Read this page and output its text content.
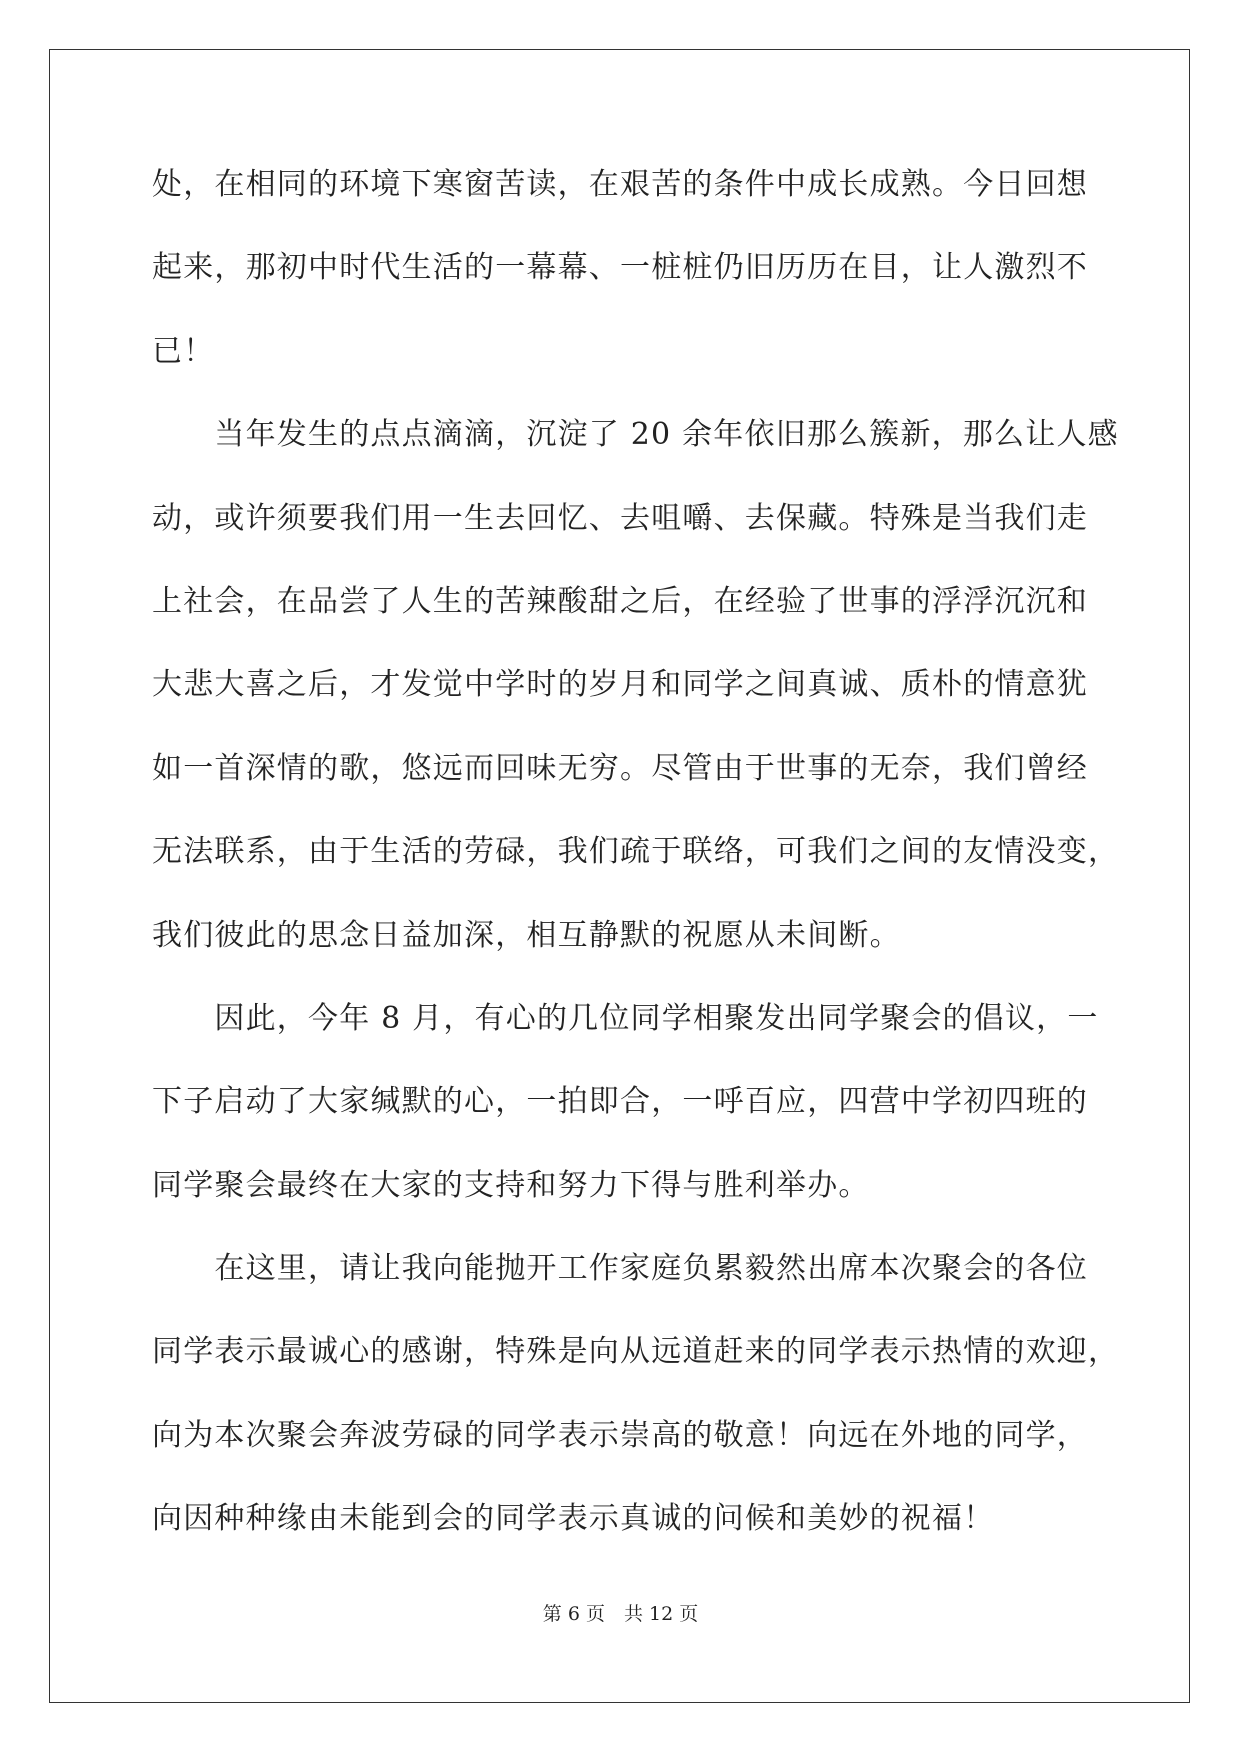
处，在相同的环境下寒窗苦读，在艰苦的条件中成长成熟。今日回想
起来，那初中时代生活的一幕幕、一桩桩仍旧历历在目，让人激烈不
已！
　　当年发生的点点滴滴，沉淀了 20 余年依旧那么簇新，那么让人感
动，或许须要我们用一生去回忆、去咀嚼、去保藏。特殊是当我们走
上社会，在品尝了人生的苦辣酸甜之后，在经验了世事的浮浮沉沉和
大悲大喜之后，才发觉中学时的岁月和同学之间真诚、质朴的情意犹
如一首深情的歌，悠远而回味无穷。尽管由于世事的无奈，我们曾经
无法联系，由于生活的劳碌，我们疏于联络，可我们之间的友情没变，
我们彼此的思念日益加深，相互静默的祝愿从未间断。
　　因此，今年 8 月，有心的几位同学相聚发出同学聚会的倡议，一
下子启动了大家缄默的心，一拍即合，一呼百应，四营中学初四班的
同学聚会最终在大家的支持和努力下得与胜利举办。
　　在这里，请让我向能抛开工作家庭负累毅然出席本次聚会的各位
同学表示最诚心的感谢，特殊是向从远道赶来的同学表示热情的欢迎，
向为本次聚会奔波劳碌的同学表示崇高的敬意！向远在外地的同学，
向因种种缘由未能到会的同学表示真诚的问候和美妙的祝福！
第 6 页　共 12 页
